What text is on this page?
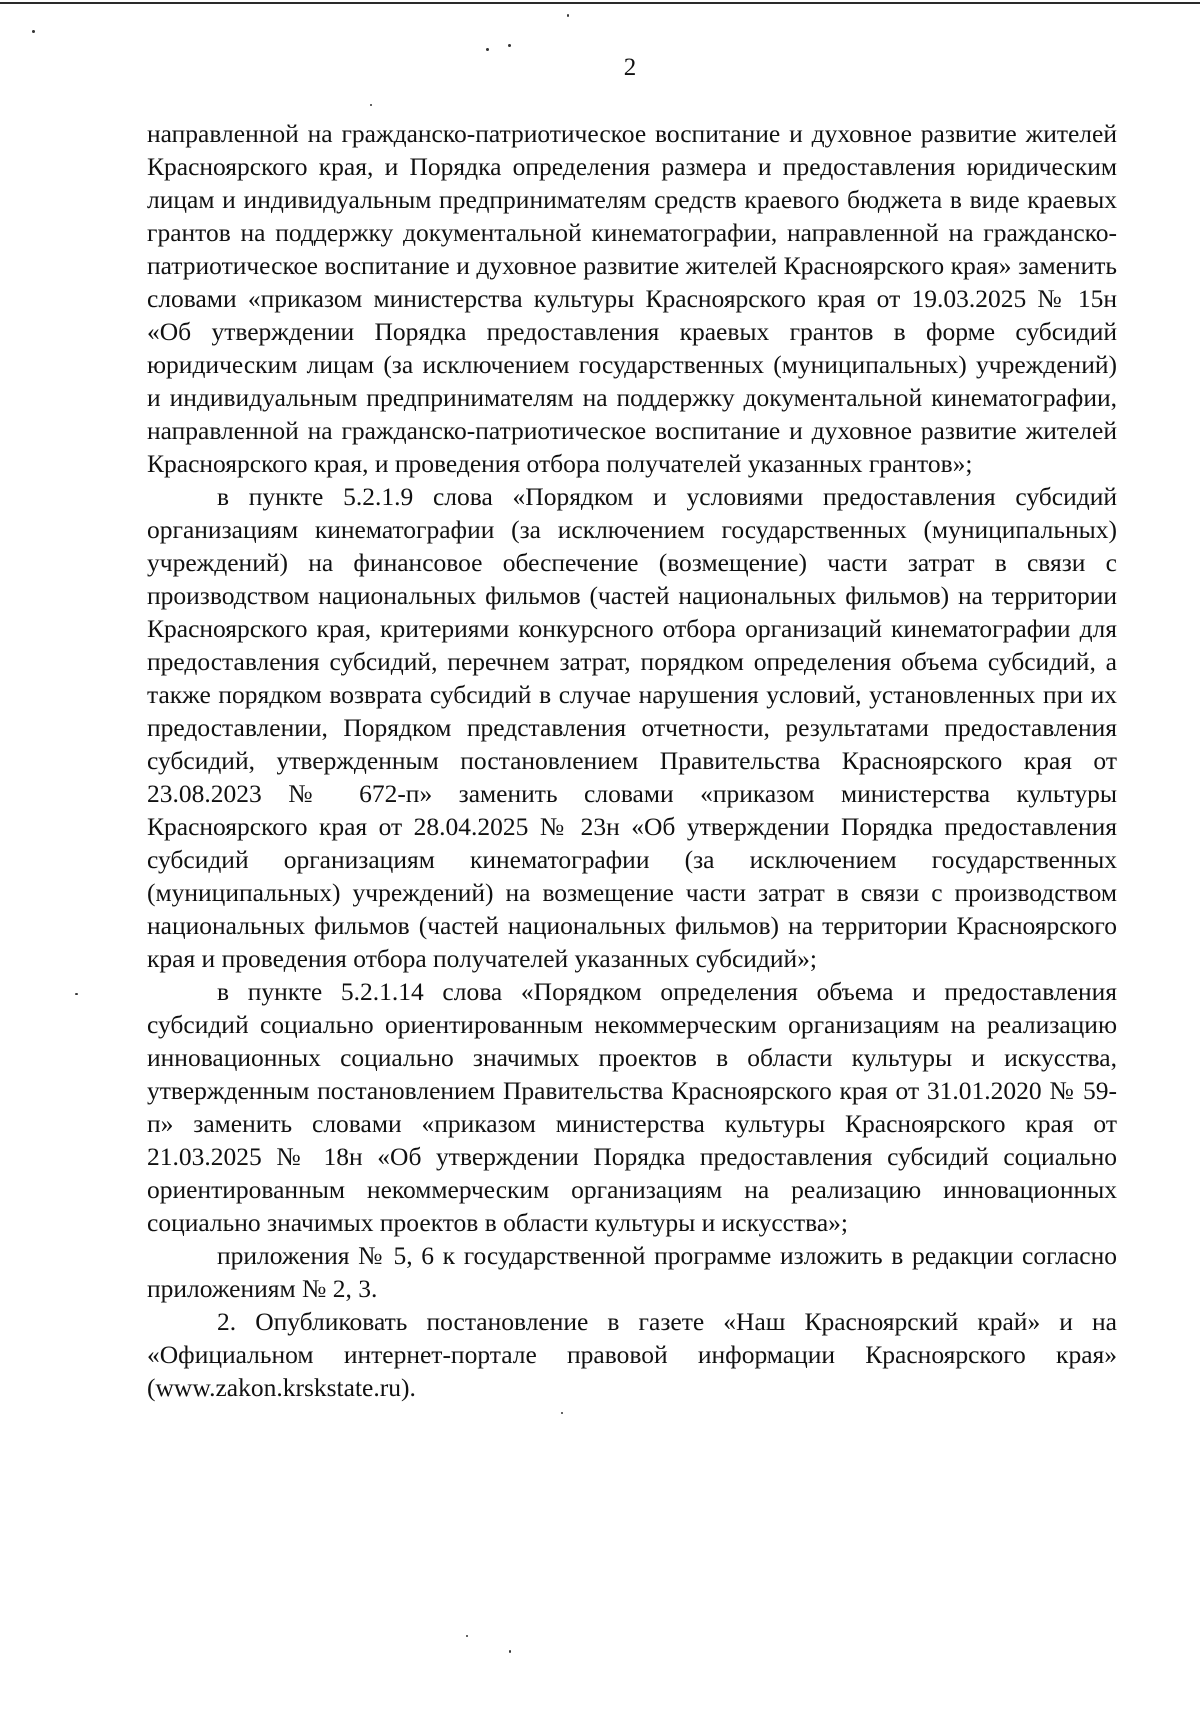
2

направленной на гражданско-патриотическое воспитание и духовное развитие жителей Красноярского края, и Порядка определения размера и предоставления юридическим лицам и индивидуальным предпринимателям средств краевого бюджета в виде краевых грантов на поддержку документальной кинематографии, направленной на гражданско-патриотическое воспитание и духовное развитие жителей Красноярского края» заменить словами «приказом министерства культуры Красноярского края от 19.03.2025 № 15н «Об утверждении Порядка предоставления краевых грантов в форме субсидий юридическим лицам (за исключением государственных (муниципальных) учреждений) и индивидуальным предпринимателям на поддержку документальной кинематографии, направленной на гражданско-патриотическое воспитание и духовное развитие жителей Красноярского края, и проведения отбора получателей указанных грантов»;

в пункте 5.2.1.9 слова «Порядком и условиями предоставления субсидий организациям кинематографии (за исключением государственных (муниципальных) учреждений) на финансовое обеспечение (возмещение) части затрат в связи с производством национальных фильмов (частей национальных фильмов) на территории Красноярского края, критериями конкурсного отбора организаций кинематографии для предоставления субсидий, перечнем затрат, порядком определения объема субсидий, а также порядком возврата субсидий в случае нарушения условий, установленных при их предоставлении, Порядком представления отчетности, результатами предоставления субсидий, утвержденным постановлением Правительства Красноярского края от 23.08.2023 № 672-п» заменить словами «приказом министерства культуры Красноярского края от 28.04.2025 № 23н «Об утверждении Порядка предоставления субсидий организациям кинематографии (за исключением государственных (муниципальных) учреждений) на возмещение части затрат в связи с производством национальных фильмов (частей национальных фильмов) на территории Красноярского края и проведения отбора получателей указанных субсидий»;

в пункте 5.2.1.14 слова «Порядком определения объема и предоставления субсидий социально ориентированным некоммерческим организациям на реализацию инновационных социально значимых проектов в области культуры и искусства, утвержденным постановлением Правительства Красноярского края от 31.01.2020 № 59-п» заменить словами «приказом министерства культуры Красноярского края от 21.03.2025 № 18н «Об утверждении Порядка предоставления субсидий социально ориентированным некоммерческим организациям на реализацию инновационных социально значимых проектов в области культуры и искусства»;

приложения № 5, 6 к государственной программе изложить в редакции согласно приложениям № 2, 3.

2. Опубликовать постановление в газете «Наш Красноярский край» и на «Официальном интернет-портале правовой информации Красноярского края» (www.zakon.krskstate.ru).
